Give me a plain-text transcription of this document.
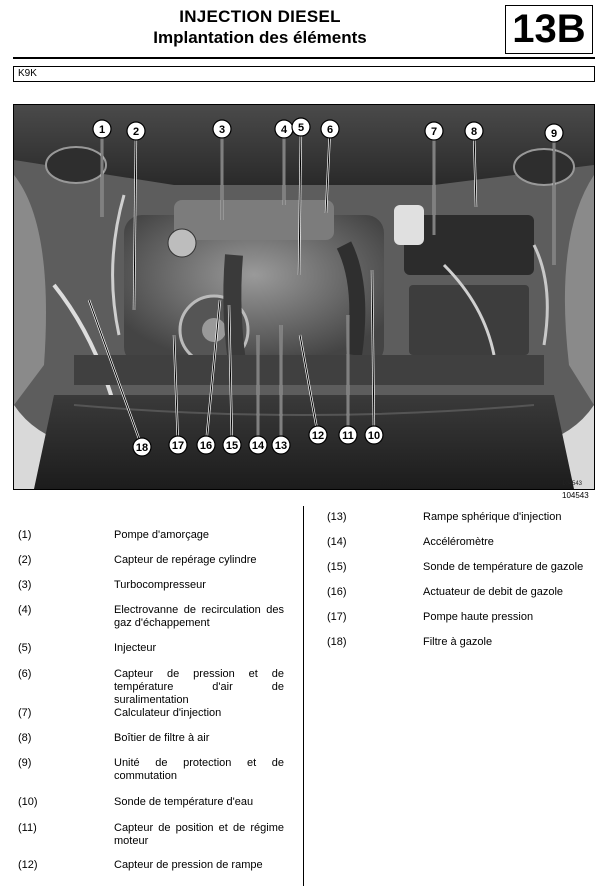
INJECTION DIESEL
Implantation des éléments	13B
K9K
1	2	3	4 5 6	7	8	9
10
11
12
13
14
15
16
17
18
104543
104543
(1)	Pompe d'amorçage
(2)	Capteur de repérage cylindre
(3)	Turbocompresseur
(4)	Electrovanne de recirculation des gaz d'échappement
(5)	Injecteur
(6)	Capteur de pression et de température d'air de suralimentation
(7)	Calculateur d'injection
(8)	Boîtier de filtre à air
(9)	Unité de protection et de commutation
(10)	Sonde de température d'eau
(11)	Capteur de position et de régime moteur
(12)	Capteur de pression de rampe
(13)	Rampe sphérique d'injection
(14)	Accéléromètre
(15)	Sonde de température de gazole
(16)	Actuateur de debit de gazole
(17)	Pompe haute pression
(18)	Filtre à gazole
